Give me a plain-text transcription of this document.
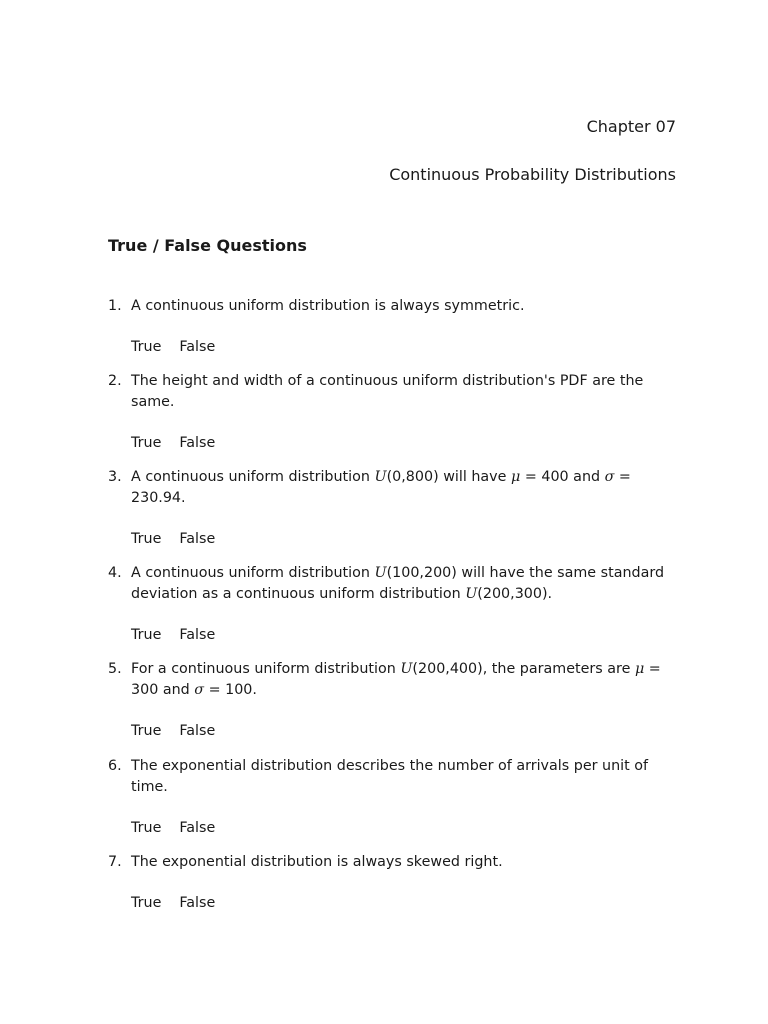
Chapter 07
Continuous Probability Distributions
True / False Questions
1. A continuous uniform distribution is always symmetric.
True False
2. The height and width of a continuous uniform distribution's PDF are the same.
True False
3. A continuous uniform distribution U(0,800) will have μ = 400 and σ = 230.94.
True False
4. A continuous uniform distribution U(100,200) will have the same standard deviation as a continuous uniform distribution U(200,300).
True False
5. For a continuous uniform distribution U(200,400), the parameters are μ = 300 and σ = 100.
True False
6. The exponential distribution describes the number of arrivals per unit of time.
True False
7. The exponential distribution is always skewed right.
True False
